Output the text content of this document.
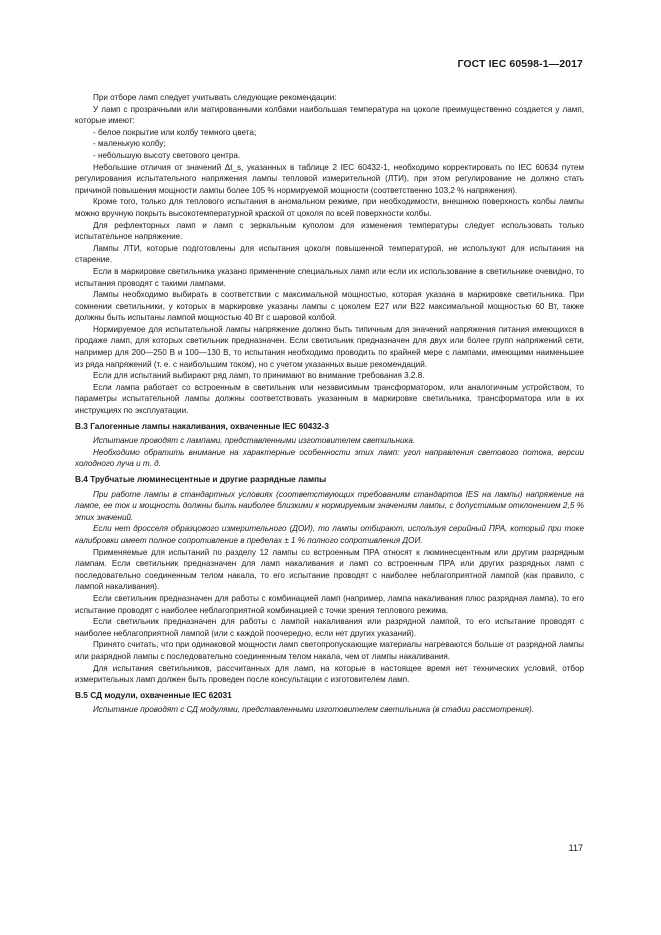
ГОСТ IEC 60598-1—2017

При отборе ламп следует учитывать следующие рекомендации:

У ламп с прозрачными или матированными колбами наибольшая температура на цоколе преимущественно создается у ламп, которые имеют:

- белое покрытие или колбу темного цвета;

- маленькую колбу;

- небольшую высоту светового центра.

Небольшие отличия от значений Δt_s, указанных в таблице 2 IEC 60432-1, необходимо корректировать по IEC 60634 путем регулирования испытательного напряжения лампы тепловой измерительной (ЛТИ), при этом регулирование не должно стать причиной повышения мощности лампы более 105 % нормируемой мощности (соответственно 103,2 % напряжения).

Кроме того, только для теплового испытания в аномальном режиме, при необходимости, внешнюю поверхность колбы лампы можно вручную покрыть высокотемпературной краской от цоколя по всей поверхности колбы.

Для рефлекторных ламп и ламп с зеркальным куполом для изменения температуры следует использовать только испытательное напряжение.

Лампы ЛТИ, которые подготовлены для испытания цоколя повышенной температурой, не используют для испытания на старение.

Если в маркировке светильника указано применение специальных ламп или если их использование в светильнике очевидно, то испытания проводят с такими лампами.

Лампы необходимо выбирать в соответствии с максимальной мощностью, которая указана в маркировке светильника. При сомнении светильники, у которых в маркировке указаны лампы с цоколем Е27 или В22 максимальной мощностью 60 Вт, также должны быть испытаны лампой мощностью 40 Вт с шаровой колбой.

Нормируемое для испытательной лампы напряжение должно быть типичным для значений напряжения питания имеющихся в продаже ламп, для которых светильник предназначен. Если светильник предназначен для двух или более групп напряжений сети, например для 200—250 В и 100—130 В, то испытания необходимо проводить по крайней мере с лампами, имеющими наименьшее из ряда напряжений (т. е. с наибольшим током), но с учетом указанных выше рекомендаций.

Если для испытаний выбирают ряд ламп, то принимают во внимание требования 3.2.8.

Если лампа работает со встроенным в светильник или независимым трансформатором, или аналогичным устройством, то параметры испытательной лампы должны соответствовать указанным в маркировке светильника, трансформатора или в их инструкциях по эксплуатации.

В.3 Галогенные лампы накаливания, охваченные IEC 60432-3

Испытание проводят с лампами, представленными изготовителем светильника.

Необходимо обратить внимание на характерные особенности этих ламп: угол направления светового потока, версии холодного луча и т. д.

В.4 Трубчатые люминесцентные и другие разрядные лампы

При работе лампы в стандартных условиях (соответствующих требованиям стандартов IES на лампы) напряжение на лампе, ее ток и мощность должны быть наиболее близкими к нормируемым значениям лампы, с допустимым отклонением 2,5 % этих значений.

Если нет дросселя образцового измерительного (ДОИ), то лампы отбирают, используя серийный ПРА, который при токе калибровки имеет полное сопротивление в пределах ± 1 % полного сопротивления ДОИ.

Применяемые для испытаний по разделу 12 лампы со встроенным ПРА относят к люминесцентным или другим разрядным лампам. Если светильник предназначен для ламп накаливания и ламп со встроенным ПРА или других разрядных ламп с последовательно соединенным телом накала, то его испытание проводят с наиболее неблагоприятной лампой (как правило, с лампой накаливания).

Если светильник предназначен для работы с комбинацией ламп (например, лампа накаливания плюс разрядная лампа), то его испытание проводят с наиболее неблагоприятной комбинацией с точки зрения теплового режима.

Если светильник предназначен для работы с лампой накаливания или разрядной лампой, то его испытание проводят с наиболее неблагоприятной лампой (или с каждой поочередно, если нет других указаний).

Принято считать, что при одинаковой мощности ламп светопропускающие материалы нагреваются больше от разрядной лампы или разрядной лампы с последовательно соединенным телом накала, чем от лампы накаливания.

Для испытания светильников, рассчитанных для ламп, на которые в настоящее время нет технических условий, отбор измерительных ламп должен быть проведен после консультации с изготовителем ламп.

В.5 СД модули, охваченные IEC 62031

Испытание проводят с СД модулями, представленными изготовителем светильника (в стадии рассмотрения).

117
